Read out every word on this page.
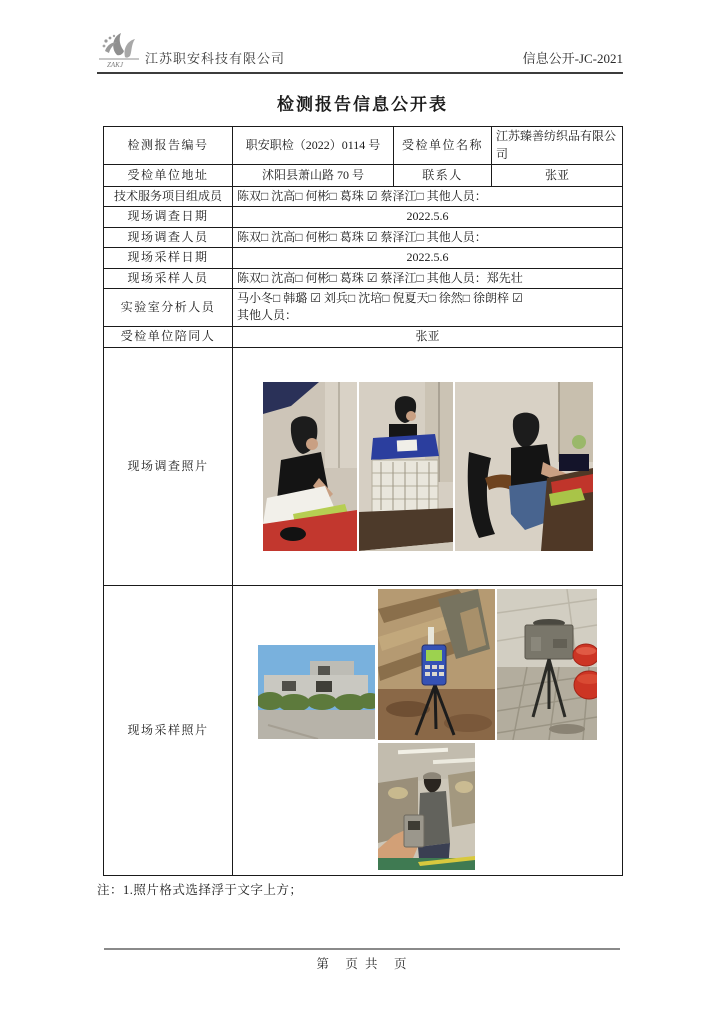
ZAKJ 江苏职安科技有限公司	信息公开-JC-2021
检测报告信息公开表
检测报告编号	职安职检（2022）0114 号	受检单位名称	江苏臻善纺织品有限公司
受检单位地址	沭阳县萧山路 70 号	联系人	张亚
技术服务项目组成员	陈双□ 沈高□ 何彬□ 葛珠 ☑ 蔡泽江□ 其他人员：		
现场调查日期	2022.5.6		
现场调查人员	陈双□ 沈高□ 何彬□ 葛珠 ☑ 蔡泽江□ 其他人员：		
现场采样日期	2022.5.6		
现场采样人员	陈双□ 沈高□ 何彬□ 葛珠 ☑ 蔡泽江□ 其他人员：郑先壮		
实验室分析人员	马小冬□ 韩璐 ☑ 刘兵□ 沈培□ 倪夏天□ 徐然□ 徐朗梓 ☑
其他人员：		

受检单位陪同人	张亚		
现场调查照片	

现场采样照片	
注：1.照片格式选择浮于文字上方；
第　页 共　页
